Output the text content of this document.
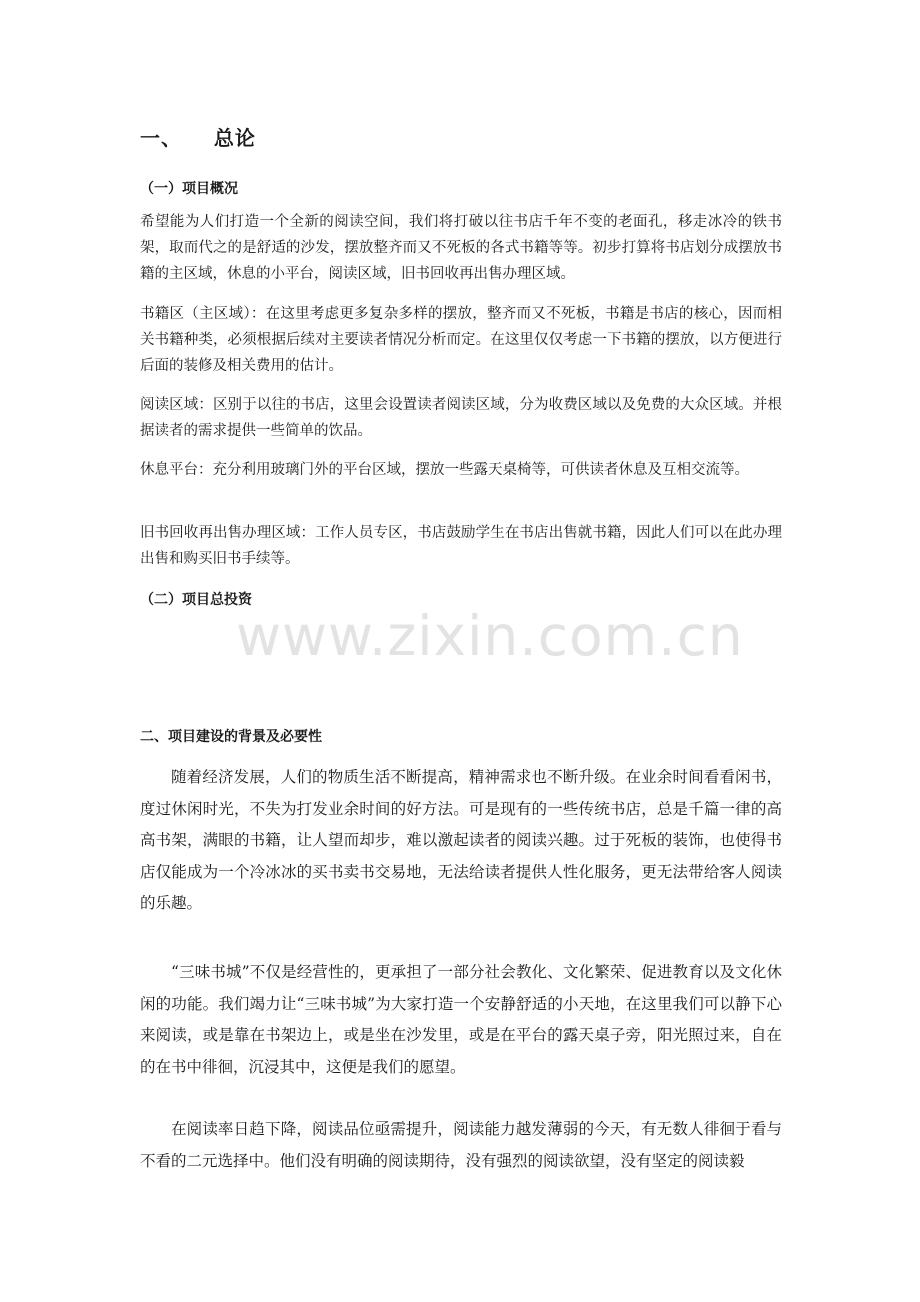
一、    总论
（一）项目概况

希望能为人们打造一个全新的阅读空间，我们将打破以往书店千年不变的老面孔，移走冰冷的铁书架，取而代之的是舒适的沙发，摆放整齐而又不死板的各式书籍等等。初步打算将书店划分成摆放书籍的主区域，休息的小平台，阅读区域，旧书回收再出售办理区域。

书籍区（主区域）：在这里考虑更多复杂多样的摆放，整齐而又不死板，书籍是书店的核心，因而相关书籍种类，必须根据后续对主要读者情况分析而定。在这里仅仅考虑一下书籍的摆放，以方便进行后面的装修及相关费用的估计。

阅读区域：区别于以往的书店，这里会设置读者阅读区域，分为收费区域以及免费的大众区域。并根据读者的需求提供一些简单的饮品。

休息平台：充分利用玻璃门外的平台区域，摆放一些露天桌椅等，可供读者休息及互相交流等。

旧书回收再出售办理区域：工作人员专区，书店鼓励学生在书店出售就书籍，因此人们可以在此办理出售和购买旧书手续等。

（二）项目总投资
www.zixin.com.cn
二、项目建设的背景及必要性

随着经济发展，人们的物质生活不断提高，精神需求也不断升级。在业余时间看看闲书，度过休闲时光，不失为打发业余时间的好方法。可是现有的一些传统书店，总是千篇一律的高高书架，满眼的书籍，让人望而却步，难以激起读者的阅读兴趣。过于死板的装饰，也使得书店仅能成为一个冷冰冰的买书卖书交易地，无法给读者提供人性化服务，更无法带给客人阅读的乐趣。

“三味书城”不仅是经营性的，更承担了一部分社会教化、文化繁荣、促进教育以及文化休闲的功能。我们竭力让“三味书城”为大家打造一个安静舒适的小天地，在这里我们可以静下心来阅读，或是靠在书架边上，或是坐在沙发里，或是在平台的露天桌子旁，阳光照过来，自在的在书中徘徊，沉浸其中，这便是我们的愿望。

在阅读率日趋下降，阅读品位亟需提升，阅读能力越发薄弱的今天，有无数人徘徊于看与不看的二元选择中。他们没有明确的阅读期待，没有强烈的阅读欲望，没有坚定的阅读毅
